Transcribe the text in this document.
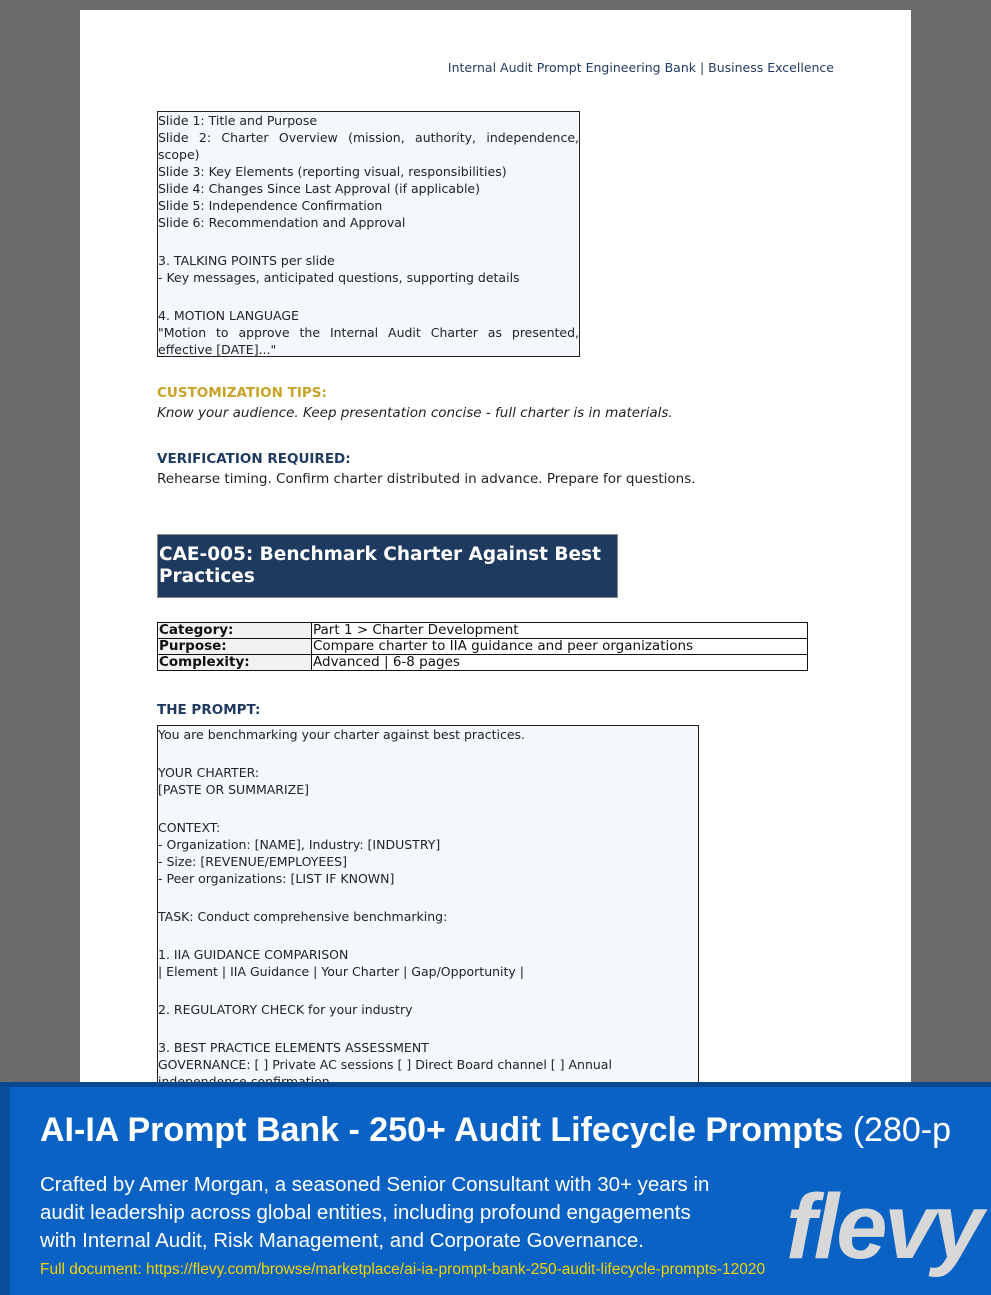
Internal Audit Prompt Engineering Bank | Business Excellence
Slide 1: Title and Purpose
Slide 2: Charter Overview (mission, authority, independence, scope)
Slide 3: Key Elements (reporting visual, responsibilities)
Slide 4: Changes Since Last Approval (if applicable)
Slide 5: Independence Confirmation
Slide 6: Recommendation and Approval
3. TALKING POINTS per slide
- Key messages, anticipated questions, supporting details
4. MOTION LANGUAGE
"Motion to approve the Internal Audit Charter as presented, effective [DATE]..."
CUSTOMIZATION TIPS:
Know your audience. Keep presentation concise - full charter is in materials.
VERIFICATION REQUIRED:
Rehearse timing. Confirm charter distributed in advance. Prepare for questions.
CAE-005: Benchmark Charter Against Best Practices
Category:	Part 1 > Charter Development
Purpose:	Compare charter to IIA guidance and peer organizations
Complexity:	Advanced | 6-8 pages
THE PROMPT:
You are benchmarking your charter against best practices.
YOUR CHARTER:
[PASTE OR SUMMARIZE]
CONTEXT:
- Organization: [NAME], Industry: [INDUSTRY]
- Size: [REVENUE/EMPLOYEES]
- Peer organizations: [LIST IF KNOWN]
TASK: Conduct comprehensive benchmarking:
1. IIA GUIDANCE COMPARISON
| Element | IIA Guidance | Your Charter | Gap/Opportunity |
2. REGULATORY CHECK for your industry
3. BEST PRACTICE ELEMENTS ASSESSMENT
GOVERNANCE: [ ] Private AC sessions [ ] Direct Board channel [ ] Annual
AI-IA Prompt Bank - 250+ Audit Lifecycle Prompts (280-p
Crafted by Amer Morgan, a seasoned Senior Consultant with 30+ years in audit leadership across global entities, including profound engagements with Internal Audit, Risk Management, and Corporate Governance.
Full document: https://flevy.com/browse/marketplace/ai-ia-prompt-bank-250-audit-lifecycle-prompts-12020 flevy
